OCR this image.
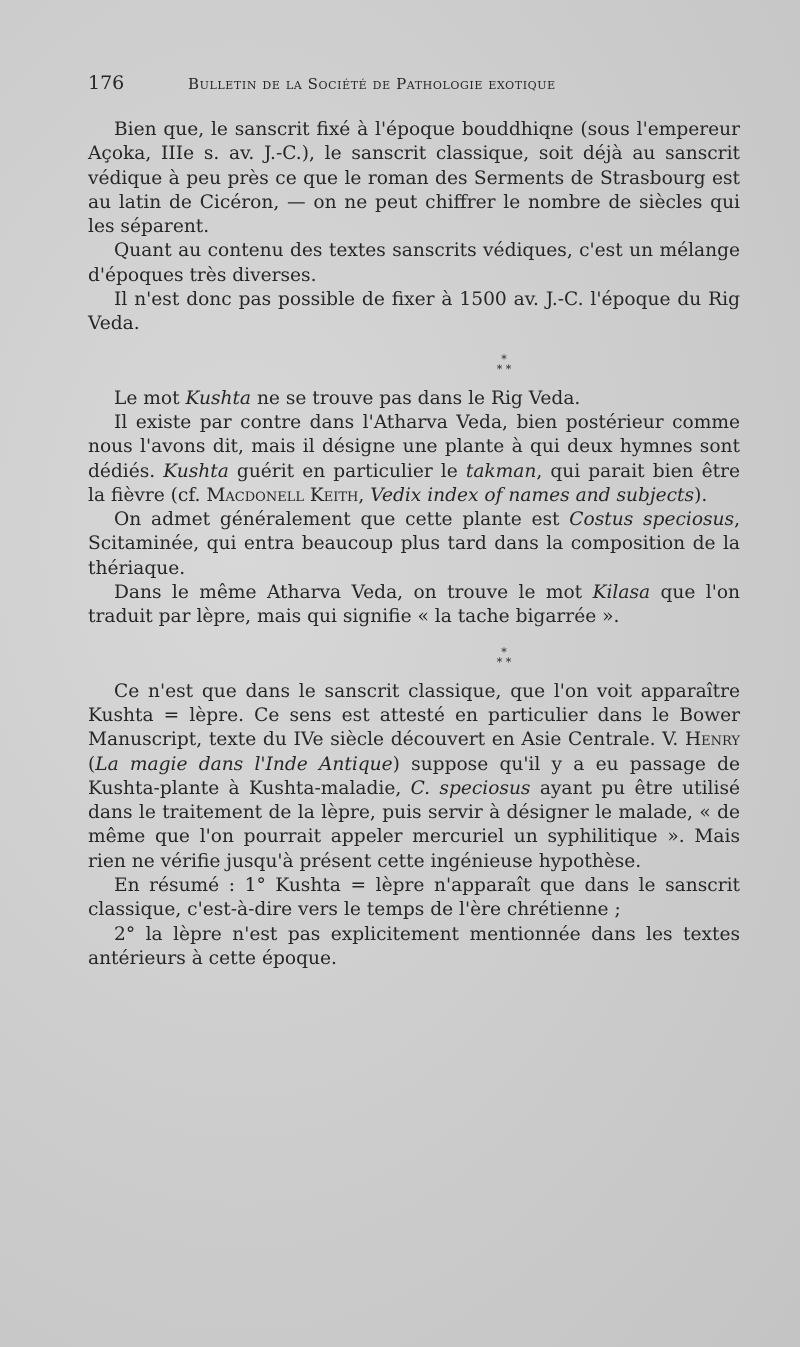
176	Bulletin de la Société de Pathologie exotique

Bien que, le sanscrit fixé à l'époque bouddhiqne (sous l'empereur Açoka, IIIe s. av. J.-C.), le sanscrit classique, soit déjà au sanscrit védique à peu près ce que le roman des Serments de Strasbourg est au latin de Cicéron, — on ne peut chiffrer le nombre de siècles qui les séparent.

Quant au contenu des textes sanscrits védiques, c'est un mélange d'époques très diverses.

Il n'est donc pas possible de fixer à 1500 av. J.-C. l'époque du Rig Veda.

⁎
⁎ ⁎

Le mot Kushta ne se trouve pas dans le Rig Veda.

Il existe par contre dans l'Atharva Veda, bien postérieur comme nous l'avons dit, mais il désigne une plante à qui deux hymnes sont dédiés. Kushta guérit en particulier le takman, qui parait bien être la fièvre (cf. Macdonell Keith, Vedix index of names and subjects).

On admet généralement que cette plante est Costus speciosus, Scitaminée, qui entra beaucoup plus tard dans la composition de la thériaque.

Dans le même Atharva Veda, on trouve le mot Kilasa que l'on traduit par lèpre, mais qui signifie « la tache bigarrée ».

⁎
⁎ ⁎

Ce n'est que dans le sanscrit classique, que l'on voit apparaître Kushta = lèpre. Ce sens est attesté en particulier dans le Bower Manuscript, texte du IVe siècle découvert en Asie Centrale. V. Henry (La magie dans l'Inde Antique) suppose qu'il y a eu passage de Kushta-plante à Kushta-maladie, C. speciosus ayant pu être utilisé dans le traitement de la lèpre, puis servir à désigner le malade, « de même que l'on pourrait appeler mercuriel un syphilitique ». Mais rien ne vérifie jusqu'à présent cette ingénieuse hypothèse.

En résumé : 1° Kushta = lèpre n'apparaît que dans le sanscrit classique, c'est-à-dire vers le temps de l'ère chrétienne ;

2° la lèpre n'est pas explicitement mentionnée dans les textes antérieurs à cette époque.
